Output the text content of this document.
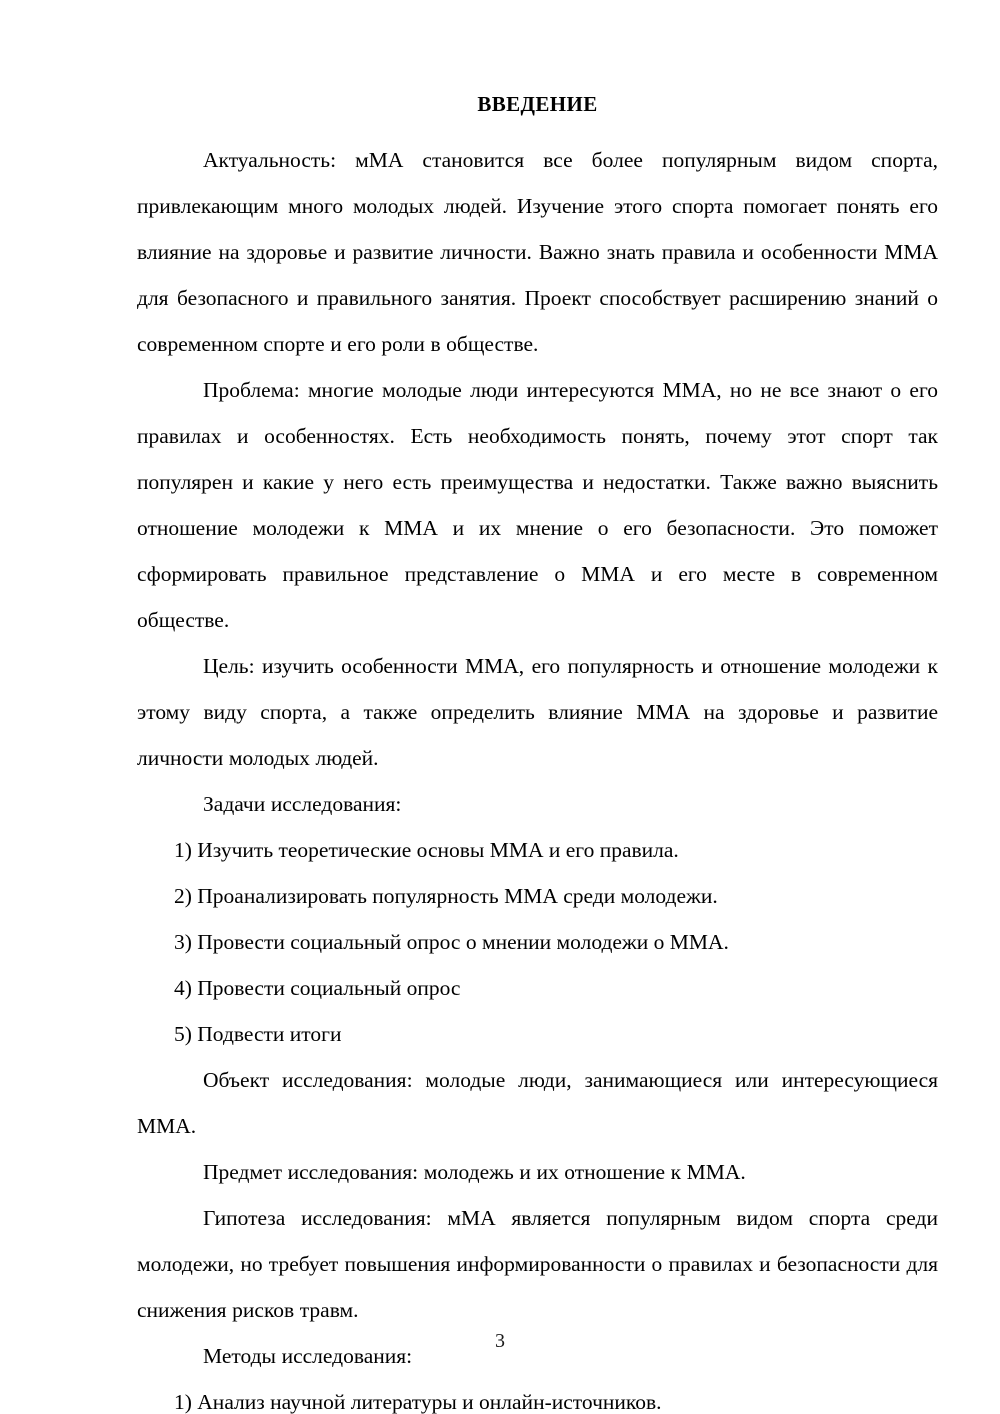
ВВЕДЕНИЕ

Актуальность: мМА становится все более популярным видом спорта, привлекающим много молодых людей. Изучение этого спорта помогает понять его влияние на здоровье и развитие личности. Важно знать правила и особенности ММА для безопасного и правильного занятия. Проект способствует расширению знаний о современном спорте и его роли в обществе.

Проблема: многие молодые люди интересуются ММА, но не все знают о его правилах и особенностях. Есть необходимость понять, почему этот спорт так популярен и какие у него есть преимущества и недостатки. Также важно выяснить отношение молодежи к ММА и их мнение о его безопасности. Это поможет сформировать правильное представление о ММА и его месте в современном обществе.

Цель: изучить особенности ММА, его популярность и отношение молодежи к этому виду спорта, а также определить влияние ММА на здоровье и развитие личности молодых людей.

Задачи исследования:

1) Изучить теоретические основы ММА и его правила.

2) Проанализировать популярность ММА среди молодежи.

3) Провести социальный опрос о мнении молодежи о ММА.

4) Провести социальный опрос

5) Подвести итоги

Объект исследования: молодые люди, занимающиеся или интересующиеся ММА.

Предмет исследования: молодежь и их отношение к ММА.

Гипотеза исследования: мМА является популярным видом спорта среди молодежи, но требует повышения информированности о правилах и безопасности для снижения рисков травм.

Методы исследования:

1) Анализ научной литературы и онлайн-источников.

3
